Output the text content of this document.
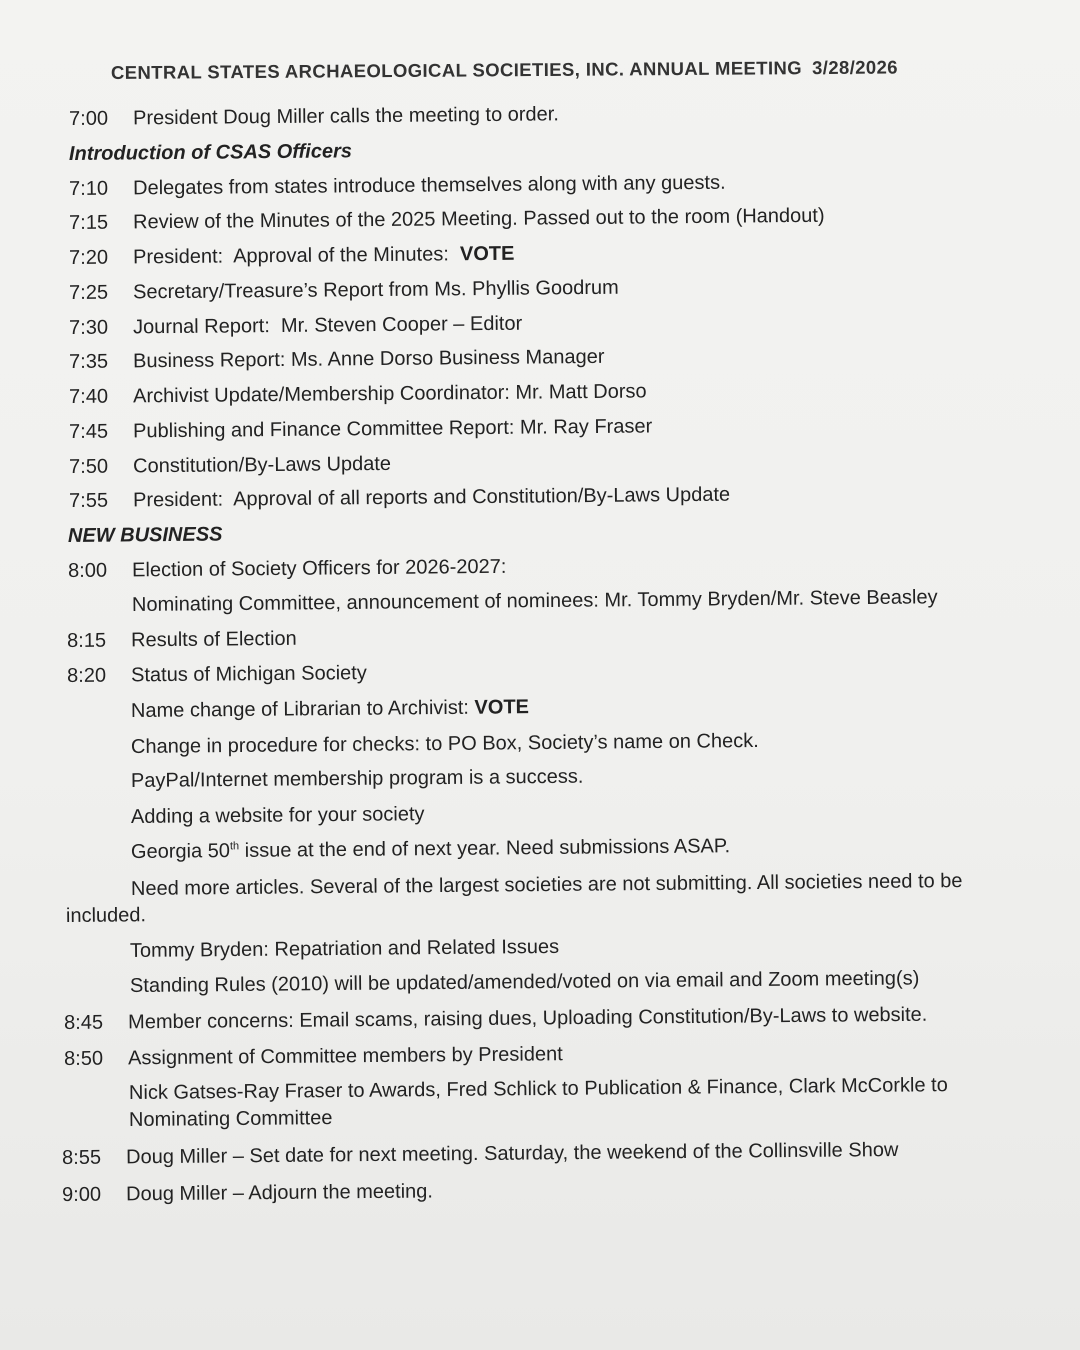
CENTRAL STATES ARCHAEOLOGICAL SOCIETIES, INC. ANNUAL MEETING 3/28/2026
7:00 President Doug Miller calls the meeting to order.
Introduction of CSAS Officers
7:10 Delegates from states introduce themselves along with any guests.
7:15 Review of the Minutes of the 2025 Meeting. Passed out to the room (Handout)
7:20 President:  Approval of the Minutes:  VOTE
7:25 Secretary/Treasure’s Report from Ms. Phyllis Goodrum
7:30 Journal Report:  Mr. Steven Cooper – Editor
7:35 Business Report: Ms. Anne Dorso Business Manager
7:40 Archivist Update/Membership Coordinator: Mr. Matt Dorso
7:45 Publishing and Finance Committee Report: Mr. Ray Fraser
7:50 Constitution/By-Laws Update
7:55 President:  Approval of all reports and Constitution/By-Laws Update
NEW BUSINESS
8:00 Election of Society Officers for 2026-2027:
Nominating Committee, announcement of nominees: Mr. Tommy Bryden/Mr. Steve Beasley
8:15 Results of Election
8:20 Status of Michigan Society
Name change of Librarian to Archivist: VOTE
Change in procedure for checks: to PO Box, Society’s name on Check.
PayPal/Internet membership program is a success.
Adding a website for your society
Georgia 50th issue at the end of next year. Need submissions ASAP.
Need more articles. Several of the largest societies are not submitting. All societies need to be
included.
Tommy Bryden: Repatriation and Related Issues
Standing Rules (2010) will be updated/amended/voted on via email and Zoom meeting(s)
8:45 Member concerns: Email scams, raising dues, Uploading Constitution/By-Laws to website.
8:50 Assignment of Committee members by President
Nick Gatses-Ray Fraser to Awards, Fred Schlick to Publication & Finance, Clark McCorkle to
Nominating Committee
8:55 Doug Miller – Set date for next meeting. Saturday, the weekend of the Collinsville Show
9:00 Doug Miller – Adjourn the meeting.
